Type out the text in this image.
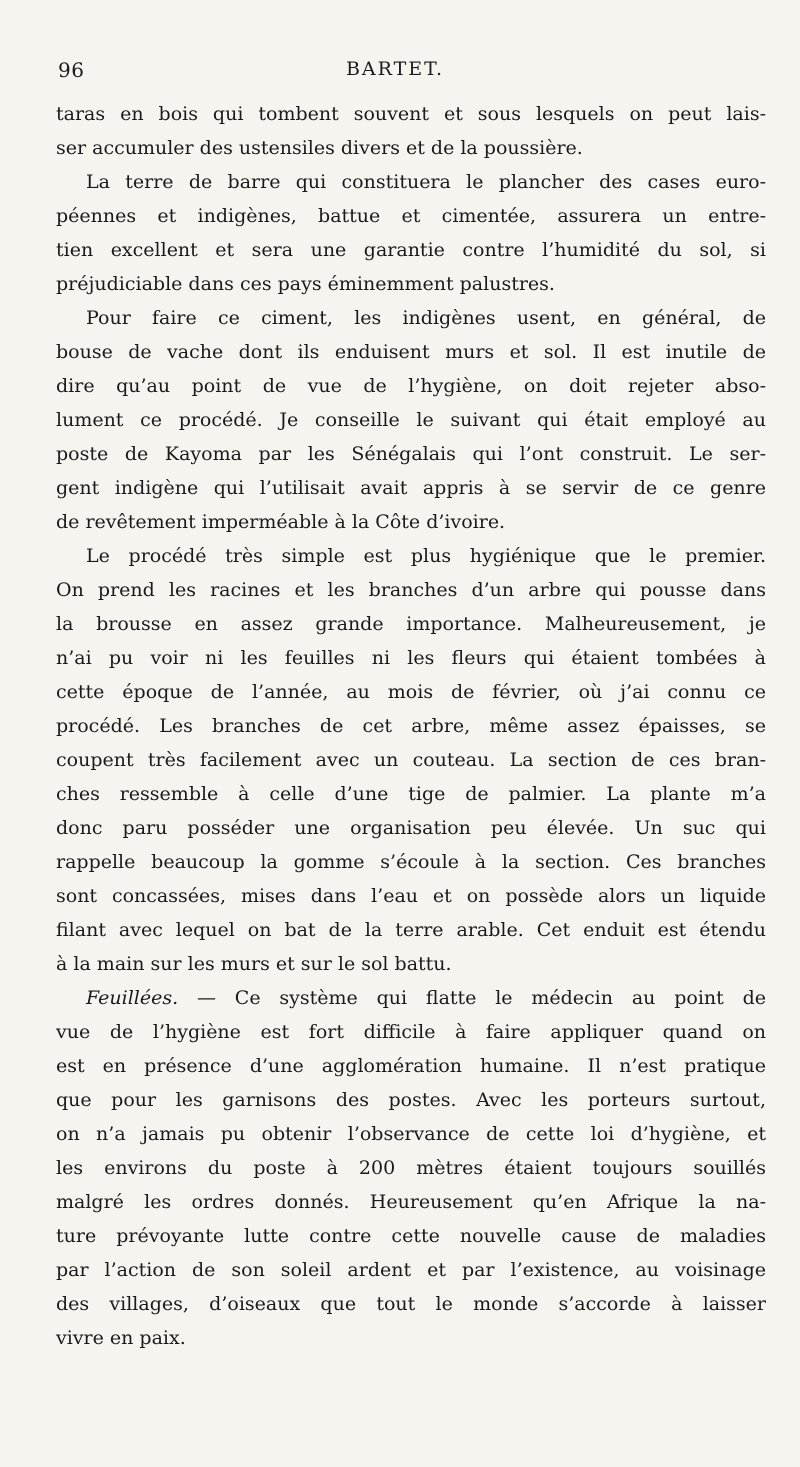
96	BARTET.
taras en bois qui tombent souvent et sous lesquels on peut lais-
ser accumuler des ustensiles divers et de la poussière.
La terre de barre qui constituera le plancher des cases euro-
péennes et indigènes, battue et cimentée, assurera un entre-
tien excellent et sera une garantie contre l’humidité du sol, si
préjudiciable dans ces pays éminemment palustres.
Pour faire ce ciment, les indigènes usent, en général, de
bouse de vache dont ils enduisent murs et sol. Il est inutile de
dire qu’au point de vue de l’hygiène, on doit rejeter abso-
lument ce procédé. Je conseille le suivant qui était employé au
poste de Kayoma par les Sénégalais qui l’ont construit. Le ser-
gent indigène qui l’utilisait avait appris à se servir de ce genre
de revêtement imperméable à la Côte d’ivoire.
Le procédé très simple est plus hygiénique que le premier.
On prend les racines et les branches d’un arbre qui pousse dans
la brousse en assez grande importance. Malheureusement, je
n’ai pu voir ni les feuilles ni les fleurs qui étaient tombées à
cette époque de l’année, au mois de février, où j’ai connu ce
procédé. Les branches de cet arbre, même assez épaisses, se
coupent très facilement avec un couteau. La section de ces bran-
ches ressemble à celle d’une tige de palmier. La plante m’a
donc paru posséder une organisation peu élevée. Un suc qui
rappelle beaucoup la gomme s’écoule à la section. Ces branches
sont concassées, mises dans l’eau et on possède alors un liquide
filant avec lequel on bat de la terre arable. Cet enduit est étendu
à la main sur les murs et sur le sol battu.
Feuillées. — Ce système qui flatte le médecin au point de
vue de l’hygiène est fort difficile à faire appliquer quand on
est en présence d’une agglomération humaine. Il n’est pratique
que pour les garnisons des postes. Avec les porteurs surtout,
on n’a jamais pu obtenir l’observance de cette loi d’hygiène, et
les environs du poste à 200 mètres étaient toujours souillés
malgré les ordres donnés. Heureusement qu’en Afrique la na-
ture prévoyante lutte contre cette nouvelle cause de maladies
par l’action de son soleil ardent et par l’existence, au voisinage
des villages, d’oiseaux que tout le monde s’accorde à laisser
vivre en paix.
